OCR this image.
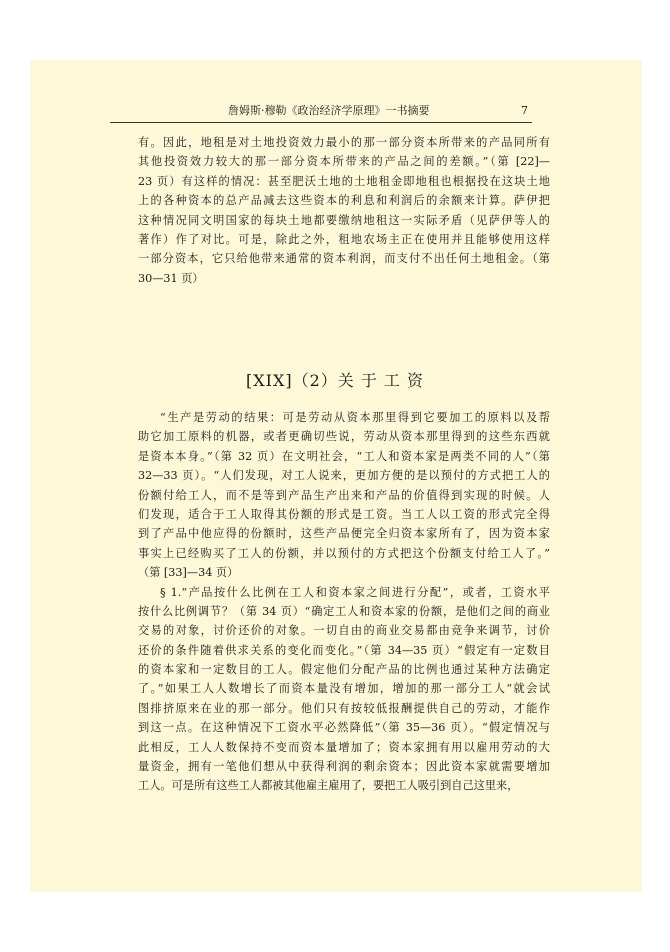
詹姆斯·穆勒《政治经济学原理》一书摘要	7
有。因此，地租是对土地投资效力最小的那一部分资本所带来的产品同所有
其他投资效力较大的那一部分资本所带来的产品之间的差额。”（第 [22]—
23 页）有这样的情况：甚至肥沃土地的土地租金即地租也根据投在这块土地
上的各种资本的总产品减去这些资本的利息和利润后的余额来计算。萨伊把
这种情况同文明国家的每块土地都要缴纳地租这一实际矛盾（见萨伊等人的
著作）作了对比。可是，除此之外，租地农场主正在使用并且能够使用这样
一部分资本，它只给他带来通常的资本利润，而支付不出任何土地租金。（第
30—31 页）
[XIX]（2）关 于 工 资
“生产是劳动的结果：可是劳动从资本那里得到它要加工的原料以及帮
助它加工原料的机器，或者更确切些说，劳动从资本那里得到的这些东西就
是资本本身。”（第 32 页）在文明社会，“工人和资本家是两类不同的人”（第
32—33 页）。“人们发现，对工人说来，更加方便的是以预付的方式把工人的
份额付给工人，而不是等到产品生产出来和产品的价值得到实现的时候。人
们发现，适合于工人取得其份额的形式是工资。当工人以工资的形式完全得
到了产品中他应得的份额时，这些产品便完全归资本家所有了，因为资本家
事实上已经购买了工人的份额，并以预付的方式把这个份额支付给工人了。”
（第 [33]—34 页）
§ 1.“产品按什么比例在工人和资本家之间进行分配”，或者，工资水平
按什么比例调节？（第 34 页）“确定工人和资本家的份额，是他们之间的商业
交易的对象，讨价还价的对象。一切自由的商业交易都由竞争来调节，讨价
还价的条件随着供求关系的变化而变化。”（第 34—35 页）“假定有一定数目
的资本家和一定数目的工人。假定他们分配产品的比例也通过某种方法确定
了。”如果工人人数增长了而资本量没有增加，增加的那一部分工人“就会试
图排挤原来在业的那一部分。他们只有按较低报酬提供自己的劳动，才能作
到这一点。在这种情况下工资水平必然降低”（第 35—36 页）。“假定情况与
此相反，工人人数保持不变而资本量增加了；资本家拥有用以雇用劳动的大
量资金，拥有一笔他们想从中获得利润的剩余资本；因此资本家就需要增加
工人。可是所有这些工人都被其他雇主雇用了，要把工人吸引到自己这里来，
